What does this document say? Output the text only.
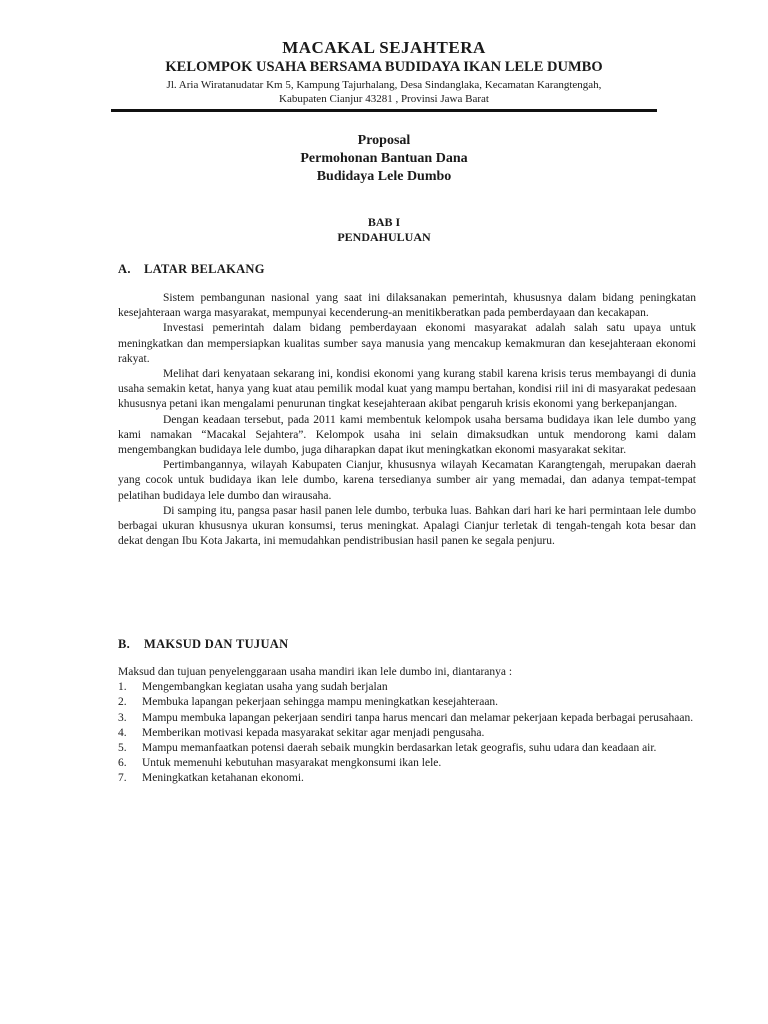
MACAKAL SEJAHTERA
KELOMPOK USAHA BERSAMA BUDIDAYA IKAN LELE DUMBO
Jl. Aria Wiratanudatar Km 5, Kampung Tajurhalang, Desa Sindanglaka, Kecamatan Karangtengah,
Kabupaten Cianjur 43281 , Provinsi Jawa Barat
Proposal
Permohonan Bantuan Dana
Budidaya Lele Dumbo
BAB I
PENDAHULUAN
A. LATAR BELAKANG

Sistem pembangunan nasional yang saat ini dilaksanakan pemerintah, khususnya dalam bidang peningkatan kesejahteraan warga masyarakat, mempunyai kecenderung-an menitikberatkan pada pemberdayaan dan kecakapan.

Investasi pemerintah dalam bidang pemberdayaan ekonomi masyarakat adalah salah satu upaya untuk meningkatkan dan mempersiapkan kualitas sumber saya manusia yang mencakup kemakmuran dan kesejahteraan ekonomi rakyat.

Melihat dari kenyataan sekarang ini, kondisi ekonomi yang kurang stabil karena krisis terus membayangi di dunia usaha semakin ketat, hanya yang kuat atau pemilik modal kuat yang mampu bertahan, kondisi riil ini di masyarakat pedesaan khususnya petani ikan mengalami penurunan tingkat kesejahteraan akibat pengaruh krisis ekonomi yang berkepanjangan.

Dengan keadaan tersebut, pada 2011 kami membentuk kelompok usaha bersama budidaya ikan lele dumbo yang kami namakan “Macakal Sejahtera”. Kelompok usaha ini selain dimaksudkan untuk mendorong kami dalam mengembangkan budidaya lele dumbo, juga diharapkan dapat ikut meningkatkan ekonomi masyarakat sekitar.

Pertimbangannya, wilayah Kabupaten Cianjur, khususnya wilayah Kecamatan Karangtengah, merupakan daerah yang cocok untuk budidaya ikan lele dumbo, karena tersedianya sumber air yang memadai, dan adanya tempat-tempat pelatihan budidaya lele dumbo dan wirausaha.

Di samping itu, pangsa pasar hasil panen lele dumbo, terbuka luas. Bahkan dari hari ke hari permintaan lele dumbo berbagai ukuran khususnya ukuran konsumsi, terus meningkat. Apalagi Cianjur terletak di tengah-tengah kota besar dan dekat dengan Ibu Kota Jakarta, ini memudahkan pendistribusian hasil panen ke segala penjuru.

B. MAKSUD DAN TUJUAN

Maksud dan tujuan penyelenggaraan usaha mandiri ikan lele dumbo ini, diantaranya :

1. Mengembangkan kegiatan usaha yang sudah berjalan
2. Membuka lapangan pekerjaan sehingga mampu meningkatkan kesejahteraan.
3. Mampu membuka lapangan pekerjaan sendiri tanpa harus mencari dan melamar pekerjaan kepada berbagai perusahaan.
4. Memberikan motivasi kepada masyarakat sekitar agar menjadi pengusaha.
5. Mampu memanfaatkan potensi daerah sebaik mungkin berdasarkan letak geografis, suhu udara dan keadaan air.
6. Untuk memenuhi kebutuhan masyarakat mengkonsumi ikan lele.
7. Meningkatkan ketahanan ekonomi.
